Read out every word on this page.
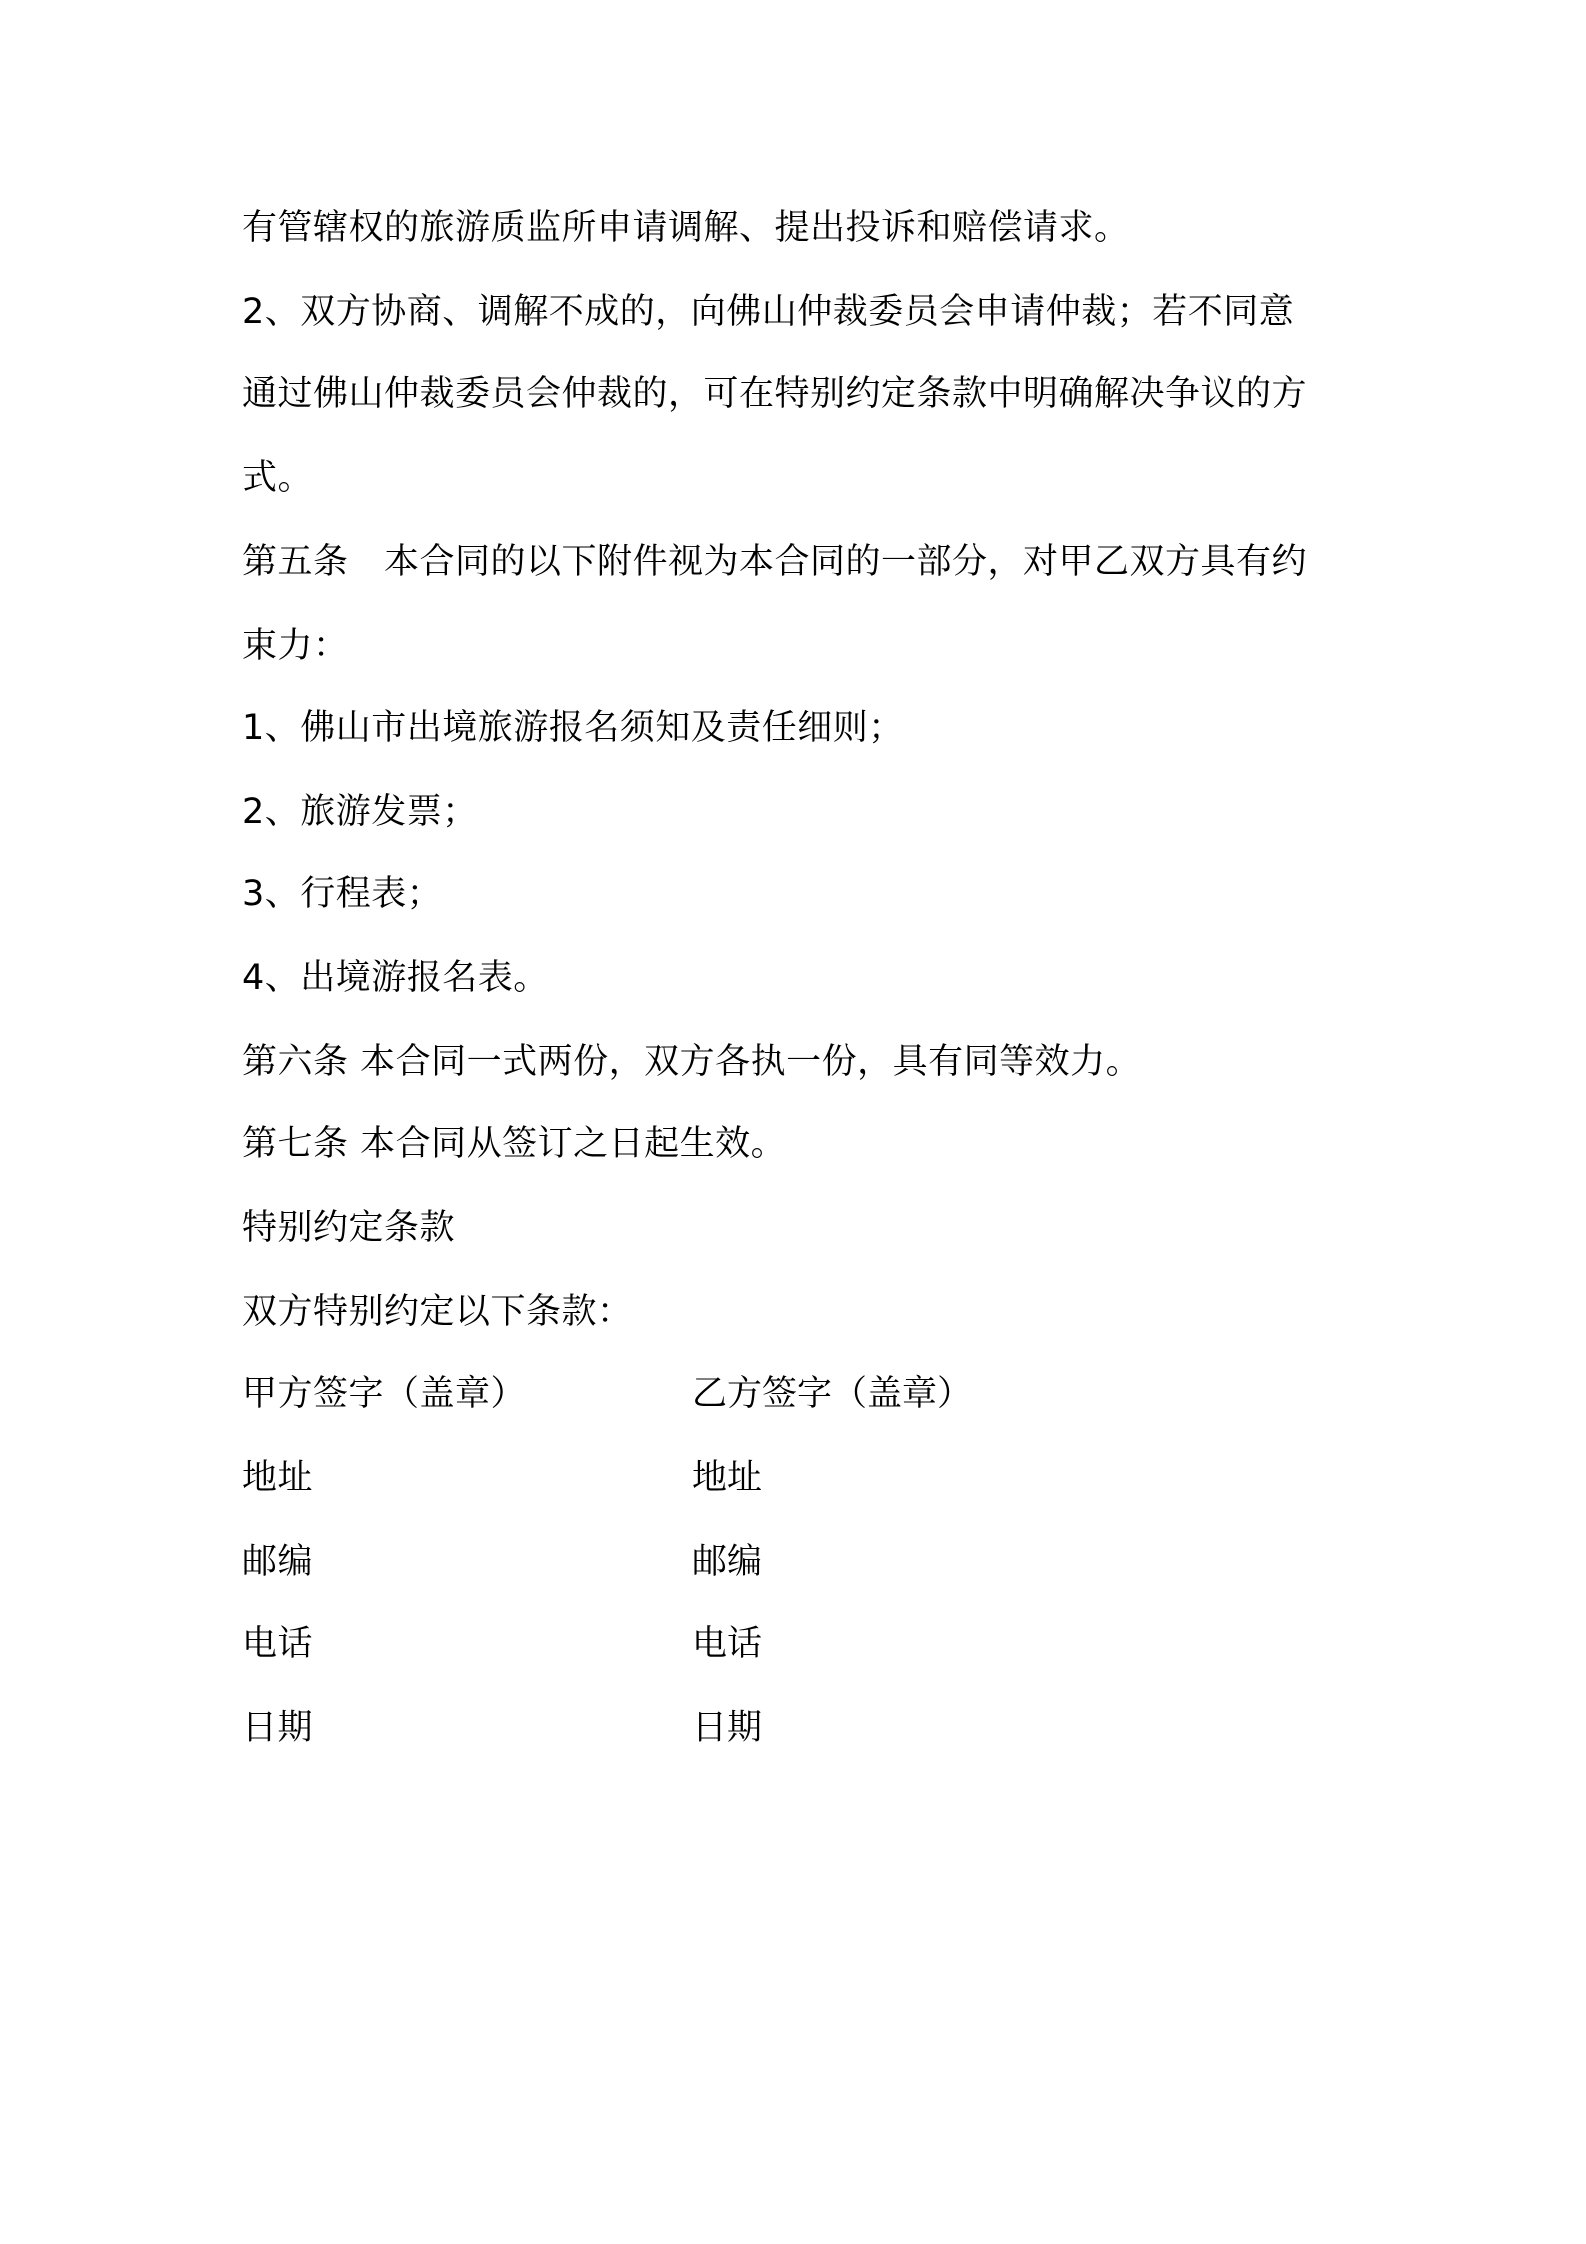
有管辖权的旅游质监所申请调解、提出投诉和赔偿请求。
2、双方协商、调解不成的，向佛山仲裁委员会申请仲裁；若不同意
通过佛山仲裁委员会仲裁的，可在特别约定条款中明确解决争议的方
式。
第五条　本合同的以下附件视为本合同的一部分，对甲乙双方具有约
束力：
1、佛山市出境旅游报名须知及责任细则；
2、旅游发票；
3、行程表；
4、出境游报名表。
第六条 本合同一式两份，双方各执一份，具有同等效力。
第七条 本合同从签订之日起生效。
特别约定条款
双方特别约定以下条款：
甲方签字（盖章）
地址
邮编
电话
日期
乙方签字（盖章）
地址
邮编
电话
日期
